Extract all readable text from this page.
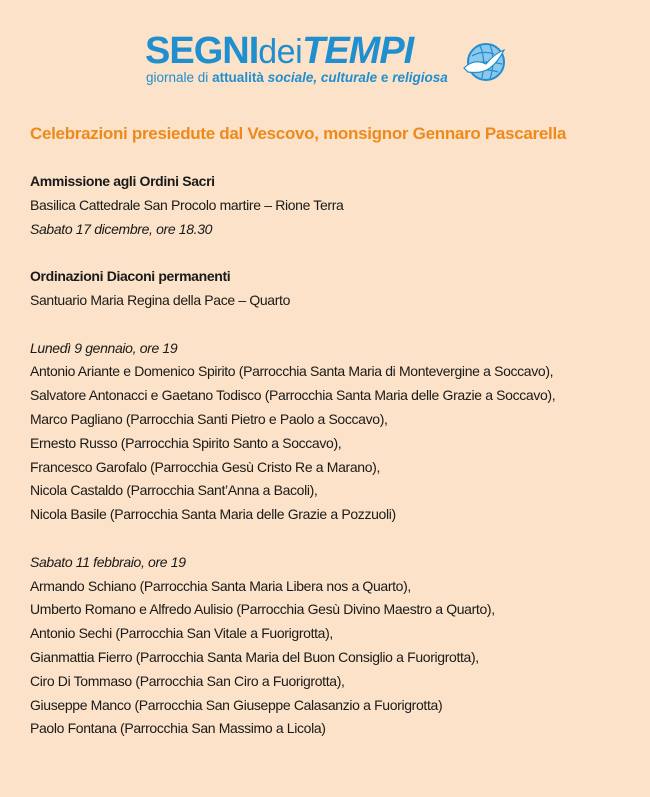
SEGNIdeiTEMPI
giornale di attualità sociale, culturale e religiosa
Celebrazioni presiedute dal Vescovo, monsignor Gennaro Pascarella
Ammissione agli Ordini Sacri
Basilica Cattedrale San Procolo martire – Rione Terra
Sabato 17 dicembre, ore 18.30
Ordinazioni Diaconi permanenti
Santuario Maria Regina della Pace – Quarto
Lunedì 9 gennaio, ore 19
Antonio Ariante e Domenico Spirito (Parrocchia Santa Maria di Montevergine a Soccavo),
Salvatore Antonacci e Gaetano Todisco (Parrocchia Santa Maria delle Grazie a Soccavo),
Marco Pagliano (Parrocchia Santi Pietro e Paolo a Soccavo),
Ernesto Russo (Parrocchia Spirito Santo a Soccavo),
Francesco Garofalo (Parrocchia Gesù Cristo Re a Marano),
Nicola Castaldo (Parrocchia Sant’Anna a Bacoli),
Nicola Basile (Parrocchia Santa Maria delle Grazie a Pozzuoli)
Sabato 11 febbraio, ore 19
Armando Schiano (Parrocchia Santa Maria Libera nos a Quarto),
Umberto Romano e Alfredo Aulisio (Parrocchia Gesù Divino Maestro a Quarto),
Antonio Sechi (Parrocchia San Vitale a Fuorigrotta),
Gianmattia Fierro (Parrocchia Santa Maria del Buon Consiglio a Fuorigrotta),
Ciro Di Tommaso (Parrocchia San Ciro a Fuorigrotta),
Giuseppe Manco (Parrocchia San Giuseppe Calasanzio a Fuorigrotta)
Paolo Fontana (Parrocchia San Massimo a Licola)
